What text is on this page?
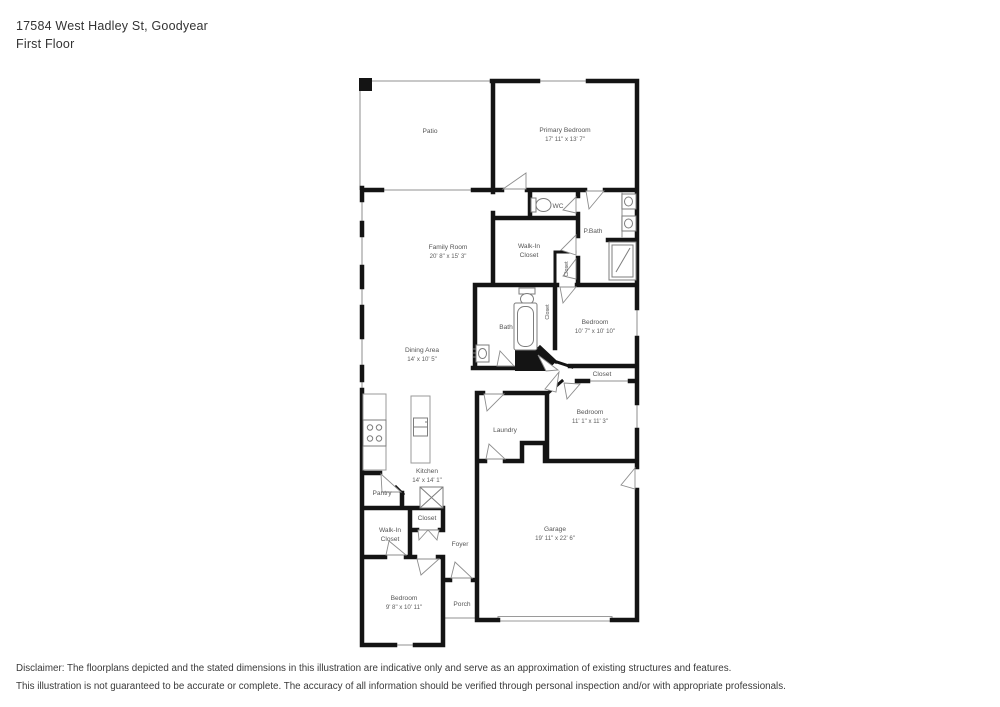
17584 West Hadley St, Goodyear
First Floor
Patio	Primary Bedroom
17' 11" x 13' 7"
WC
P.Bath
Walk-In
Closet
Closet
Family Room
20' 8" x 15' 3"
Bath
Closet
Bedroom
10' 7" x 10' 10"
Closet
Dining Area
14' x 10' 5"
Laundry
Bedroom
11' 1" x 11' 3"
Kitchen
14' x 14' 1"
Pantry
Closet
Walk-In
Closet
Foyer
Garage
19' 11" x 22' 6"
Bedroom
9' 8" x 10' 11"	Porch
Disclaimer: The floorplans depicted and the stated dimensions in this illustration are indicative only and serve as an approximation of existing structures and features.
This illustration is not guaranteed to be accurate or complete. The accuracy of all information should be verified through personal inspection and/or with appropriate professionals.
